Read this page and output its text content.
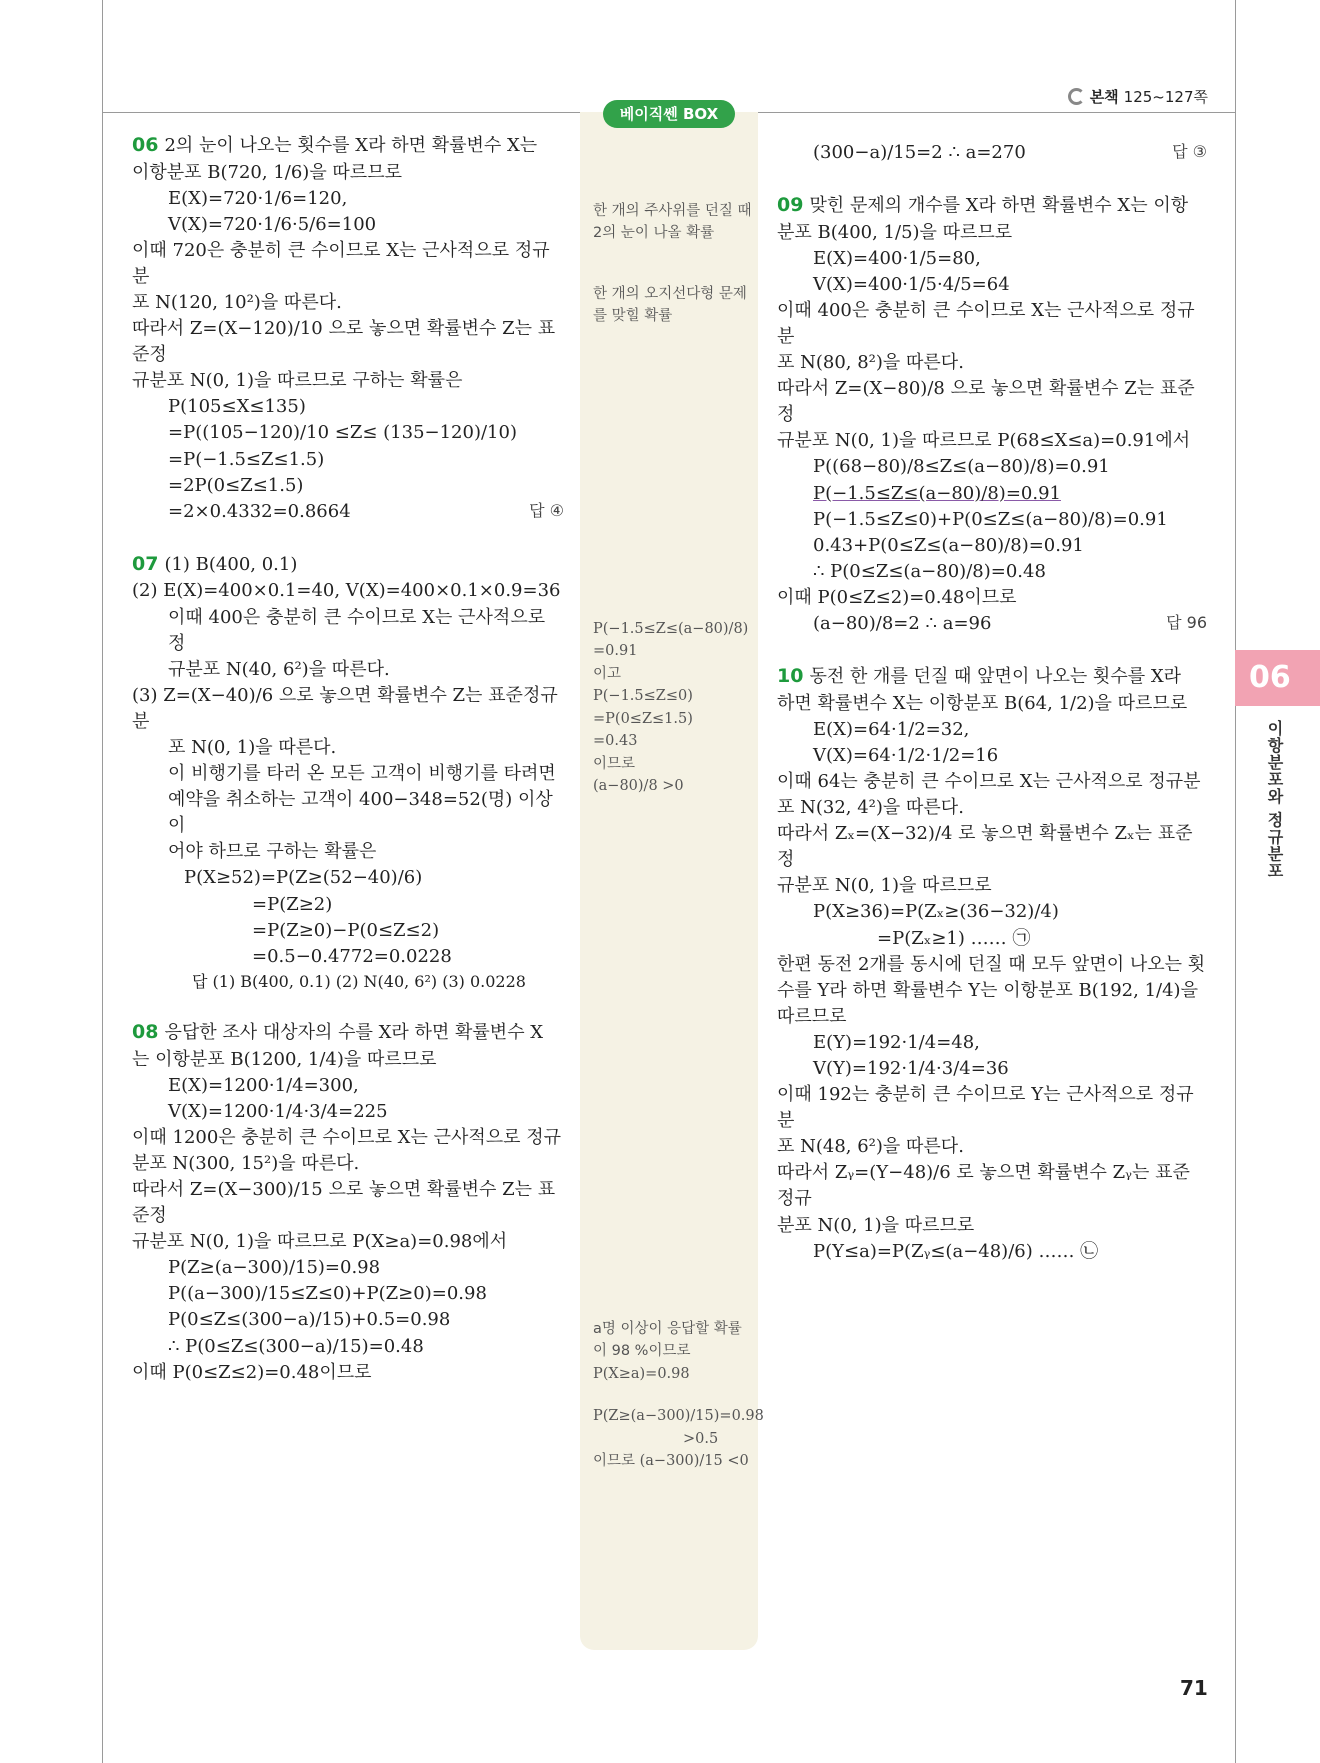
본책 125~127쪽
베이직쎈 BOX
06 2의 눈이 나오는 횟수를 X라 하면 확률변수 X는
이항분포 B(720, 1/6)을 따르므로
E(X)=720·1/6=120,
V(X)=720·1/6·5/6=100
이때 720은 충분히 큰 수이므로 X는 근사적으로 정규분
포 N(120, 10²)을 따른다.
따라서 Z=(X−120)/10 으로 놓으면 확률변수 Z는 표준정
규분포 N(0, 1)을 따르므로 구하는 확률은
P(105≤X≤135)
=P((105−120)/10 ≤Z≤ (135−120)/10)
=P(−1.5≤Z≤1.5)
=2P(0≤Z≤1.5)
=2×0.4332=0.8664	답 ④
07 (1) B(400, 0.1)
(2) E(X)=400×0.1=40, V(X)=400×0.1×0.9=36
이때 400은 충분히 큰 수이므로 X는 근사적으로 정
규분포 N(40, 6²)을 따른다.
(3) Z=(X−40)/6 으로 놓으면 확률변수 Z는 표준정규분
포 N(0, 1)을 따른다.
이 비행기를 타러 온 모든 고객이 비행기를 타려면
예약을 취소하는 고객이 400−348=52(명) 이상이
어야 하므로 구하는 확률은
P(X≥52)=P(Z≥(52−40)/6)
=P(Z≥2)
=P(Z≥0)−P(0≤Z≤2)
=0.5−0.4772=0.0228
답 (1) B(400, 0.1) (2) N(40, 6²) (3) 0.0228
08 응답한 조사 대상자의 수를 X라 하면 확률변수 X
는 이항분포 B(1200, 1/4)을 따르므로
E(X)=1200·1/4=300,
V(X)=1200·1/4·3/4=225
이때 1200은 충분히 큰 수이므로 X는 근사적으로 정규
분포 N(300, 15²)을 따른다.
따라서 Z=(X−300)/15 으로 놓으면 확률변수 Z는 표준정
규분포 N(0, 1)을 따르므로 P(X≥a)=0.98에서
P(Z≥(a−300)/15)=0.98
P((a−300)/15≤Z≤0)+P(Z≥0)=0.98
P(0≤Z≤(300−a)/15)+0.5=0.98
∴ P(0≤Z≤(300−a)/15)=0.48
이때 P(0≤Z≤2)=0.48이므로
한 개의 주사위를 던질 때
2의 눈이 나올 확률
한 개의 오지선다형 문제
를 맞힐 확률
P(−1.5≤Z≤(a−80)/8)
=0.91
이고
P(−1.5≤Z≤0)
=P(0≤Z≤1.5)
=0.43
이므로
(a−80)/8 >0
a명 이상이 응답할 확률
이 98 %이므로
P(X≥a)=0.98
P(Z≥(a−300)/15)=0.98
>0.5
이므로 (a−300)/15 <0
(300−a)/15=2 ∴ a=270	답 ③
09 맞힌 문제의 개수를 X라 하면 확률변수 X는 이항
분포 B(400, 1/5)을 따르므로
E(X)=400·1/5=80,
V(X)=400·1/5·4/5=64
이때 400은 충분히 큰 수이므로 X는 근사적으로 정규분
포 N(80, 8²)을 따른다.
따라서 Z=(X−80)/8 으로 놓으면 확률변수 Z는 표준정
규분포 N(0, 1)을 따르므로 P(68≤X≤a)=0.91에서
P((68−80)/8≤Z≤(a−80)/8)=0.91
P(−1.5≤Z≤(a−80)/8)=0.91
P(−1.5≤Z≤0)+P(0≤Z≤(a−80)/8)=0.91
0.43+P(0≤Z≤(a−80)/8)=0.91
∴ P(0≤Z≤(a−80)/8)=0.48
이때 P(0≤Z≤2)=0.48이므로
(a−80)/8=2 ∴ a=96	답 96
10 동전 한 개를 던질 때 앞면이 나오는 횟수를 X라
하면 확률변수 X는 이항분포 B(64, 1/2)을 따르므로
E(X)=64·1/2=32,
V(X)=64·1/2·1/2=16
이때 64는 충분히 큰 수이므로 X는 근사적으로 정규분
포 N(32, 4²)을 따른다.
따라서 Zₓ=(X−32)/4 로 놓으면 확률변수 Zₓ는 표준정
규분포 N(0, 1)을 따르므로
P(X≥36)=P(Zₓ≥(36−32)/4)
=P(Zₓ≥1) …… ㉠
한편 동전 2개를 동시에 던질 때 모두 앞면이 나오는 횟
수를 Y라 하면 확률변수 Y는 이항분포 B(192, 1/4)을
따르므로
E(Y)=192·1/4=48,
V(Y)=192·1/4·3/4=36
이때 192는 충분히 큰 수이므로 Y는 근사적으로 정규분
포 N(48, 6²)을 따른다.
따라서 Zᵧ=(Y−48)/6 로 놓으면 확률변수 Zᵧ는 표준정규
분포 N(0, 1)을 따르므로
P(Y≤a)=P(Zᵧ≤(a−48)/6) …… ㉡
06
이항분포와 정규분포
71
